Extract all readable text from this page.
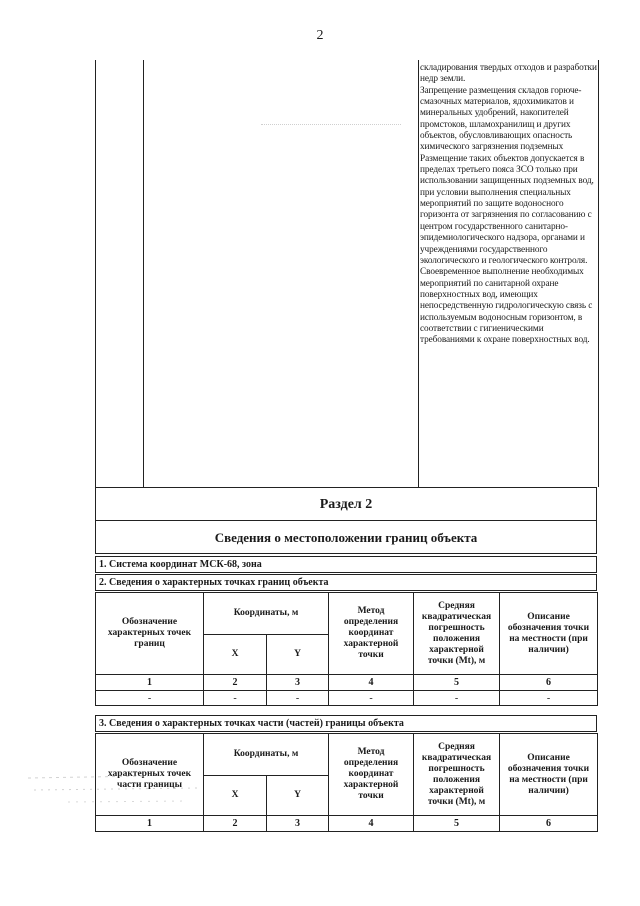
2
складирования твердых отходов и разработки недр земли.
Запрещение размещения складов горюче-смазочных материалов, ядохимикатов и минеральных удобрений, накопителей промстоков, шламохранилищ и других объектов, обусловливающих опасность химического загрязнения подземных Размещение таких объектов допускается в пределах третьего пояса ЗСО только при использовании защищенных подземных вод, при условии выполнения специальных мероприятий по защите водоносного горизонта от загрязнения по согласованию с центром государственного санитарно-эпидемиологического надзора, органами и учреждениями государственного экологического и геологического контроля.
Своевременное выполнение необходимых мероприятий по санитарной охране поверхностных вод, имеющих непосредственную гидрологическую связь с используемым водоносным горизонтом, в соответствии с гигиеническими требованиями к охране поверхностных вод.
Раздел 2
Сведения о местоположении границ объекта
1. Система координат МСК-68, зона
2. Сведения о характерных точках границ объекта
Обозначение характерных точек границ	Координаты, м		Метод определения координат характерной точки	Средняя квадратическая погрешность положения характерной точки (Mt), м	Описание обозначения точки на местности (при наличии)
	X	Y			
1	2	3	4	5	6
-	-	-	-	-	-
3. Сведения о характерных точках части (частей) границы объекта
Обозначение характерных точек части границы	Координаты, м		Метод определения координат характерной точки	Средняя квадратическая погрешность положения характерной точки (Mt), м	Описание обозначения точки на местности (при наличии)
	X	Y			
1	2	3	4	5	6
